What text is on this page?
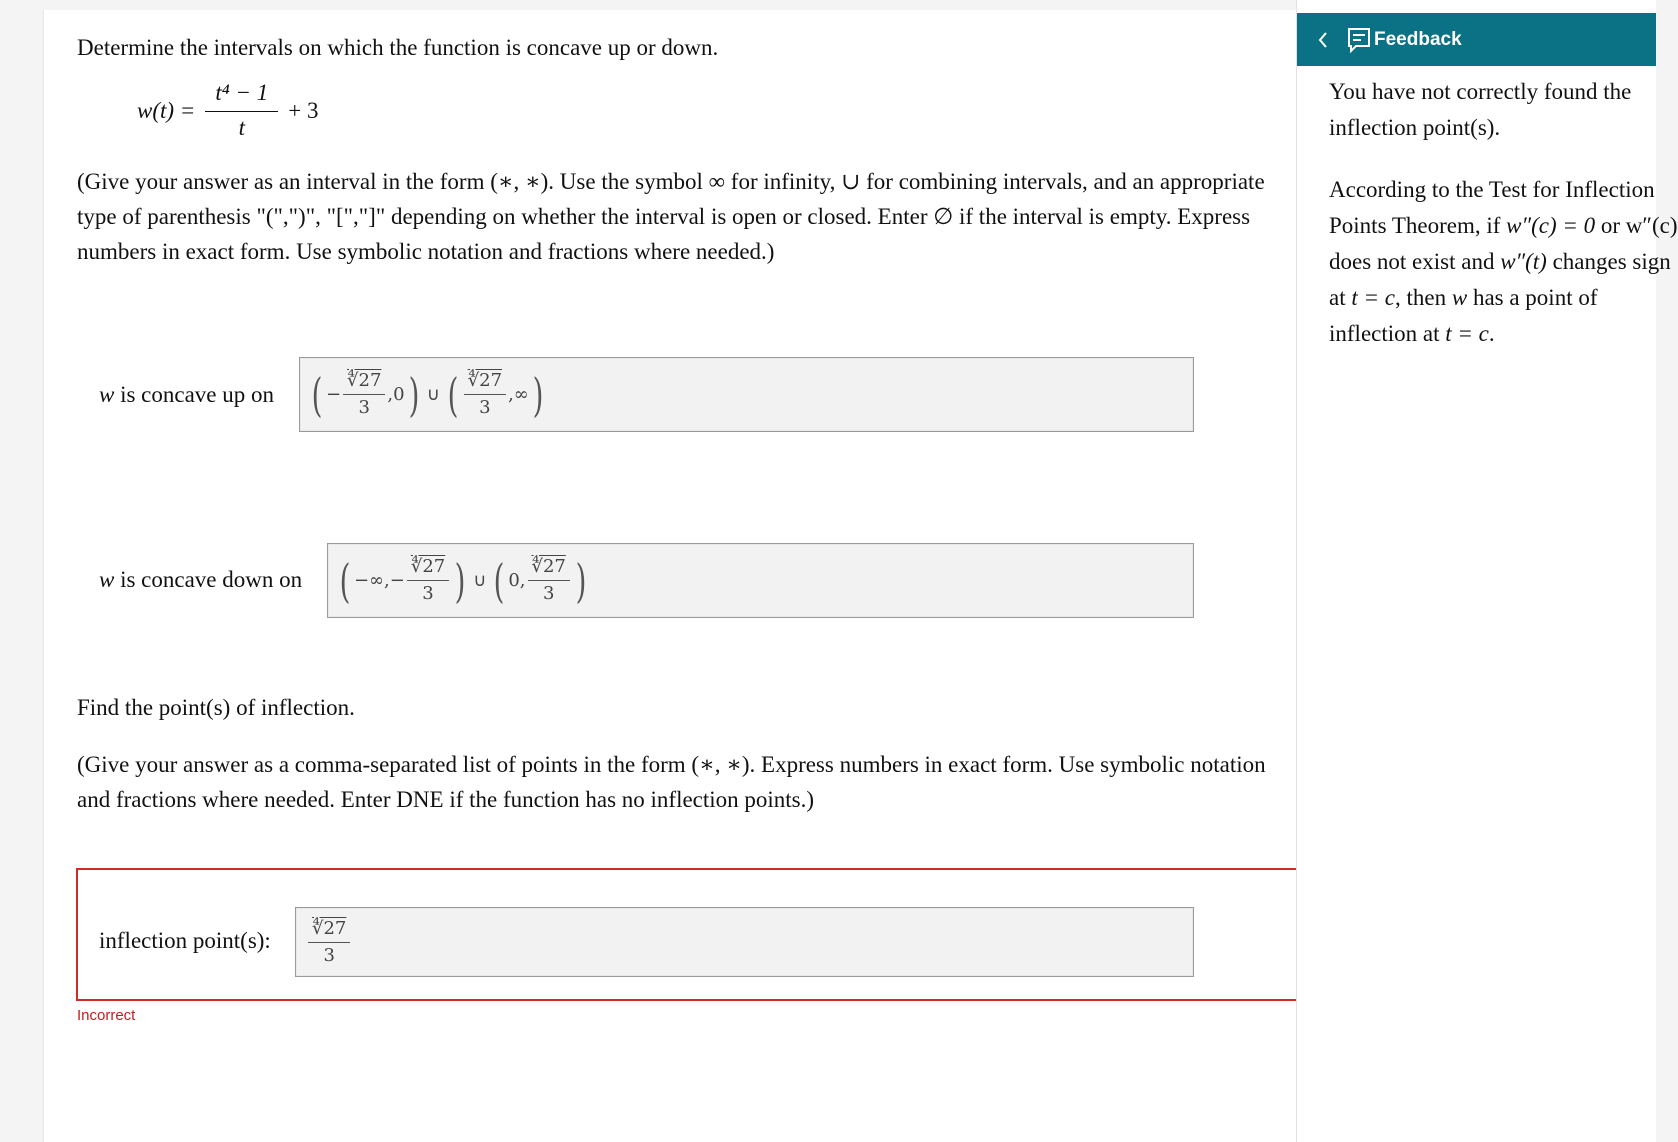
Determine the intervals on which the function is concave up or down.
$w(t) = \frac{\text{t⁴ − 1}}{t} + 3$

(Give your answer as an interval in the form (∗, ∗). Use the symbol ∞ for infinity, ∪ for combining intervals, and an appropriate type of parenthesis "(",")", "[","]" depending on whether the interval is open or closed. Enter ∅ if the interval is empty. Express numbers in exact form. Use symbolic notation and fractions where needed.)

w is concave up on ( − $\frac{∜27}{3} ,0$ ) ∪ ( ∜27
3
,∞ )
w is concave down on ( −∞,− $\frac{∜27}{3}$ ) ∪ ( 0,
∜27
3 )
Find the point(s) of inflection.

(Give your answer as a comma-separated list of points in the form (∗, ∗). Express numbers in exact form. Use symbolic notation and fractions where needed. Enter DNE if the function has no inflection points.)

inflection point(s): ∜27
3
Incorrect
Feedback

You have not correctly found the inflection point(s).

According to the Test for Inflection
Points Theorem, if w″(c) = 0 or w″(c)
does not exist and w″(t) changes sign
at t = c, then w has a point of
inflection at t = c.
